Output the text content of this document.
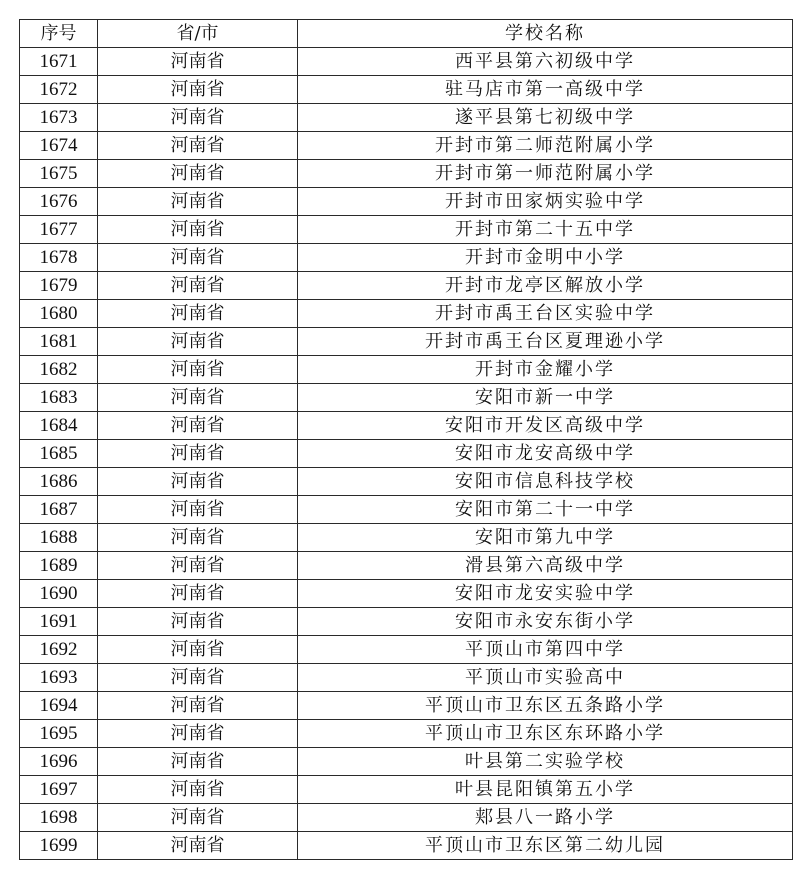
序号	省/市	学校名称
1671	河南省	西平县第六初级中学
1672	河南省	驻马店市第一高级中学
1673	河南省	遂平县第七初级中学
1674	河南省	开封市第二师范附属小学
1675	河南省	开封市第一师范附属小学
1676	河南省	开封市田家炳实验中学
1677	河南省	开封市第二十五中学
1678	河南省	开封市金明中小学
1679	河南省	开封市龙亭区解放小学
1680	河南省	开封市禹王台区实验中学
1681	河南省	开封市禹王台区夏理逊小学
1682	河南省	开封市金耀小学
1683	河南省	安阳市新一中学
1684	河南省	安阳市开发区高级中学
1685	河南省	安阳市龙安高级中学
1686	河南省	安阳市信息科技学校
1687	河南省	安阳市第二十一中学
1688	河南省	安阳市第九中学
1689	河南省	滑县第六高级中学
1690	河南省	安阳市龙安实验中学
1691	河南省	安阳市永安东街小学
1692	河南省	平顶山市第四中学
1693	河南省	平顶山市实验高中
1694	河南省	平顶山市卫东区五条路小学
1695	河南省	平顶山市卫东区东环路小学
1696	河南省	叶县第二实验学校
1697	河南省	叶县昆阳镇第五小学
1698	河南省	郏县八一路小学
1699	河南省	平顶山市卫东区第二幼儿园
